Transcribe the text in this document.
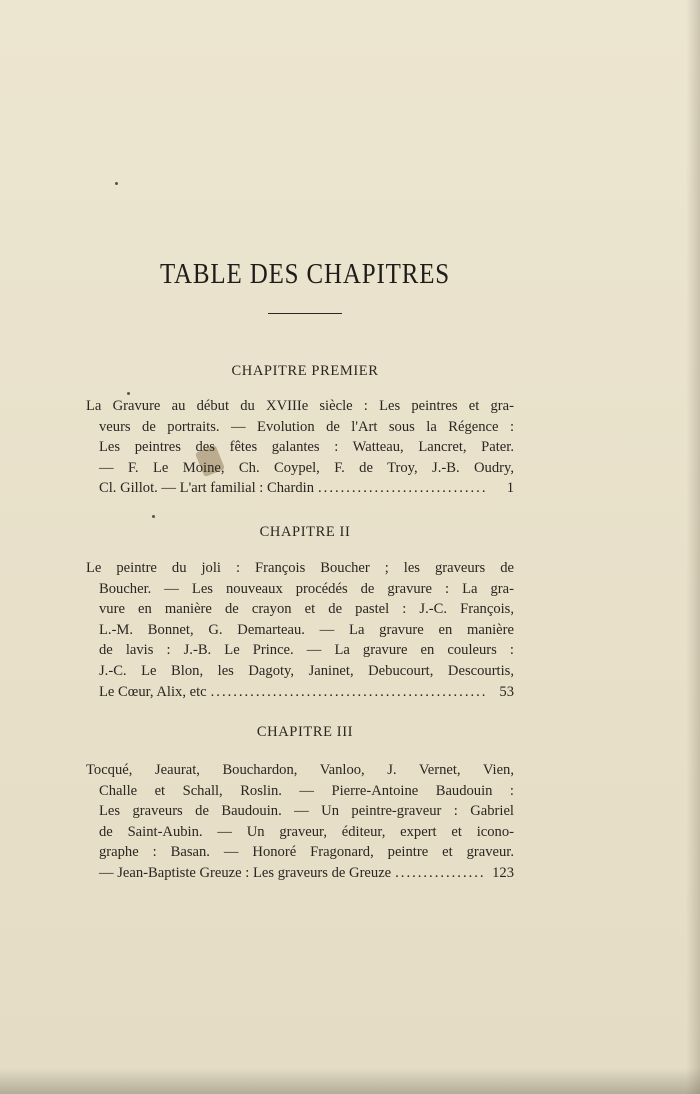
TABLE DES CHAPITRES
CHAPITRE PREMIER
La Gravure au début du XVIIIe siècle : Les peintres et gra-
veurs de portraits. — Evolution de l'Art sous la Régence :
Les peintres des fêtes galantes : Watteau, Lancret, Pater.
— F. Le Moine, Ch. Coypel, F. de Troy, J.-B. Oudry,
Cl. Gillot. — L'art familial : Chardin .....	1
CHAPITRE II
Le peintre du joli : François Boucher ; les graveurs de
Boucher. — Les nouveaux procédés de gravure : La gra-
vure en manière de crayon et de pastel : J.-C. François,
L.-M. Bonnet, G. Demarteau. — La gravure en manière
de lavis : J.-B. Le Prince. — La gravure en couleurs :
J.-C. Le Blon, les Dagoty, Janinet, Debucourt, Descourtis,
Le Cœur, Alix, etc .....	53
CHAPITRE III
Tocqué, Jeaurat, Bouchardon, Vanloo, J. Vernet, Vien,
Challe et Schall, Roslin. — Pierre-Antoine Baudouin :
Les graveurs de Baudouin. — Un peintre-graveur : Gabriel
de Saint-Aubin. — Un graveur, éditeur, expert et icono-
graphe : Basan. — Honoré Fragonard, peintre et graveur.
— Jean-Baptiste Greuze : Les graveurs de Greuze .....	123
